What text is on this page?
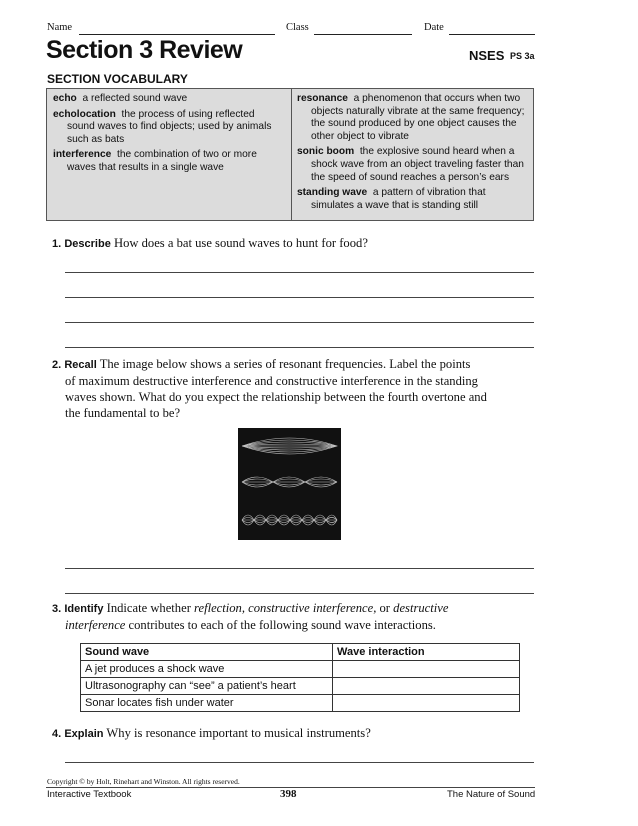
Name	Class	Date
Section 3 Review	NSES PS 3a
SECTION VOCABULARY
echo a reflected sound wave
echolocation the process of using reflected sound waves to find objects; used by animals such as bats
interference the combination of two or more waves that results in a single wave
resonance a phenomenon that occurs when two objects naturally vibrate at the same frequency; the sound produced by one object causes the other object to vibrate
sonic boom the explosive sound heard when a shock wave from an object traveling faster than the speed of sound reaches a person’s ears
standing wave a pattern of vibration that simulates a wave that is standing still
1. Describe How does a bat use sound waves to hunt for food?
2. Recall The image below shows a series of resonant frequencies. Label the points
of maximum destructive interference and constructive interference in the standing
waves shown. What do you expect the relationship between the fourth overtone and
the fundamental to be?
3. Identify Indicate whether reflection, constructive interference, or destructive
interference contributes to each of the following sound wave interactions.
Sound wave	Wave interaction
A jet produces a shock wave	
Ultrasonography can “see” a patient’s heart	
Sonar locates fish under water	
4. Explain Why is resonance important to musical instruments?
Copyright © by Holt, Rinehart and Winston. All rights reserved.
Interactive Textbook	398	The Nature of Sound
